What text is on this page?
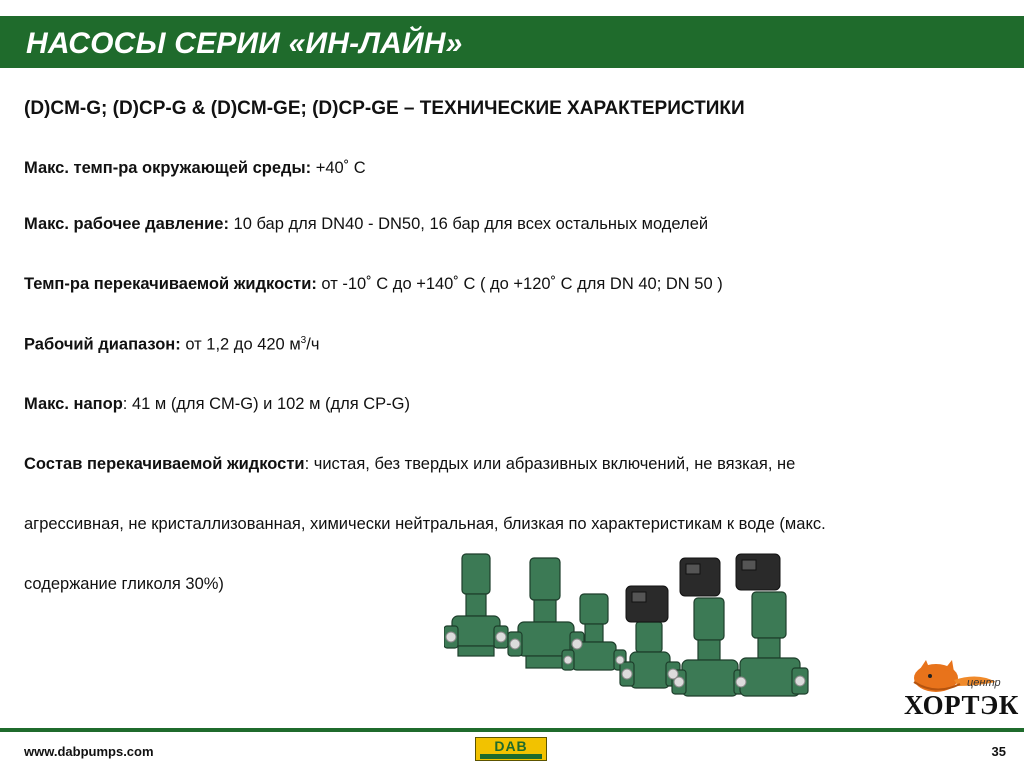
НАСОСЫ СЕРИИ «ИН-ЛАЙН»
(D)CM-G; (D)CP-G & (D)CM-GE; (D)CP-GE – ТЕХНИЧЕСКИЕ ХАРАКТЕРИСТИКИ
Макс. темп-ра окружающей среды: +40˚ C
Макс. рабочее давление: 10 бар для DN40 - DN50, 16 бар для всех остальных моделей
Темп-ра перекачиваемой жидкости: от -10˚ C до +140˚ C ( до +120˚ C для DN 40; DN 50 )
Рабочий диапазон: от 1,2 до 420 $м^3/ч$
Макс. напор: 41 м (для CM-G) и 102 м (для CP-G)
Состав перекачиваемой жидкости: чистая, без твердых или абразивных включений, не вязкая, не
агрессивная, не кристаллизованная, химически нейтральная, близкая по характеристикам к воде (макс.
содержание гликоля 30%)
центр
ХОРТЭК
www.dabpumps.com	DAB	35
